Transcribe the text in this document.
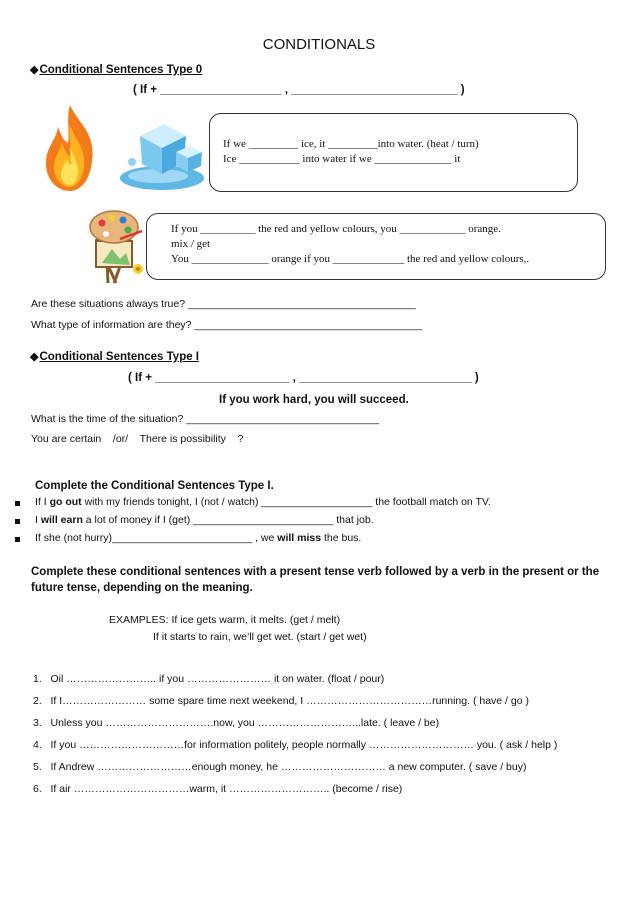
CONDITIONALS
◆Conditional Sentences Type 0
( If + ___________________ , __________________________ )
If we _________ ice, it _________into water. (heat / turn)
Ice ___________ into water if we ______________ it
If you __________ the red and yellow colours, you ____________ orange.
mix / get
You ______________ orange if you _____________ the red and yellow colours,.
Are these situations always true? _______________________________________
What type of information are they? _______________________________________
◆Conditional Sentences Type I
( If + _____________________ , ___________________________ )
If you work hard, you will succeed.
What is the time of the situation? _________________________________
You are certain    /or/    There is possibility    ?
Complete the Conditional Sentences Type I.
If I go out with my friends tonight, I (not / watch) ___________________ the football match on TV.
I will earn a lot of money if I (get) ________________________ that job.
If she (not hurry)________________________ , we will miss the bus.
Complete these conditional sentences with a present tense verb followed by a verb in the present or the
future tense, depending on the meaning.
EXAMPLES: If ice gets warm, it melts. (get / melt)
If it starts to rain, we’ll get wet. (start / get wet)
1.   Oil …………………….. if you …………………… it on water. (float / pour)
2.   If I…………………… some spare time next weekend, I ………………………………running. ( have / go )
3.   Unless you ………………………….now, you ………………………...late. ( leave / be)
4.   If you …………………………for information politely, people normally ………………………… you. ( ask / help )
5.   If Andrew ………………………enough money, he ………………………… a new computer. ( save / buy)
6.   If air ……………………………warm, it ……………………….. (become / rise)
